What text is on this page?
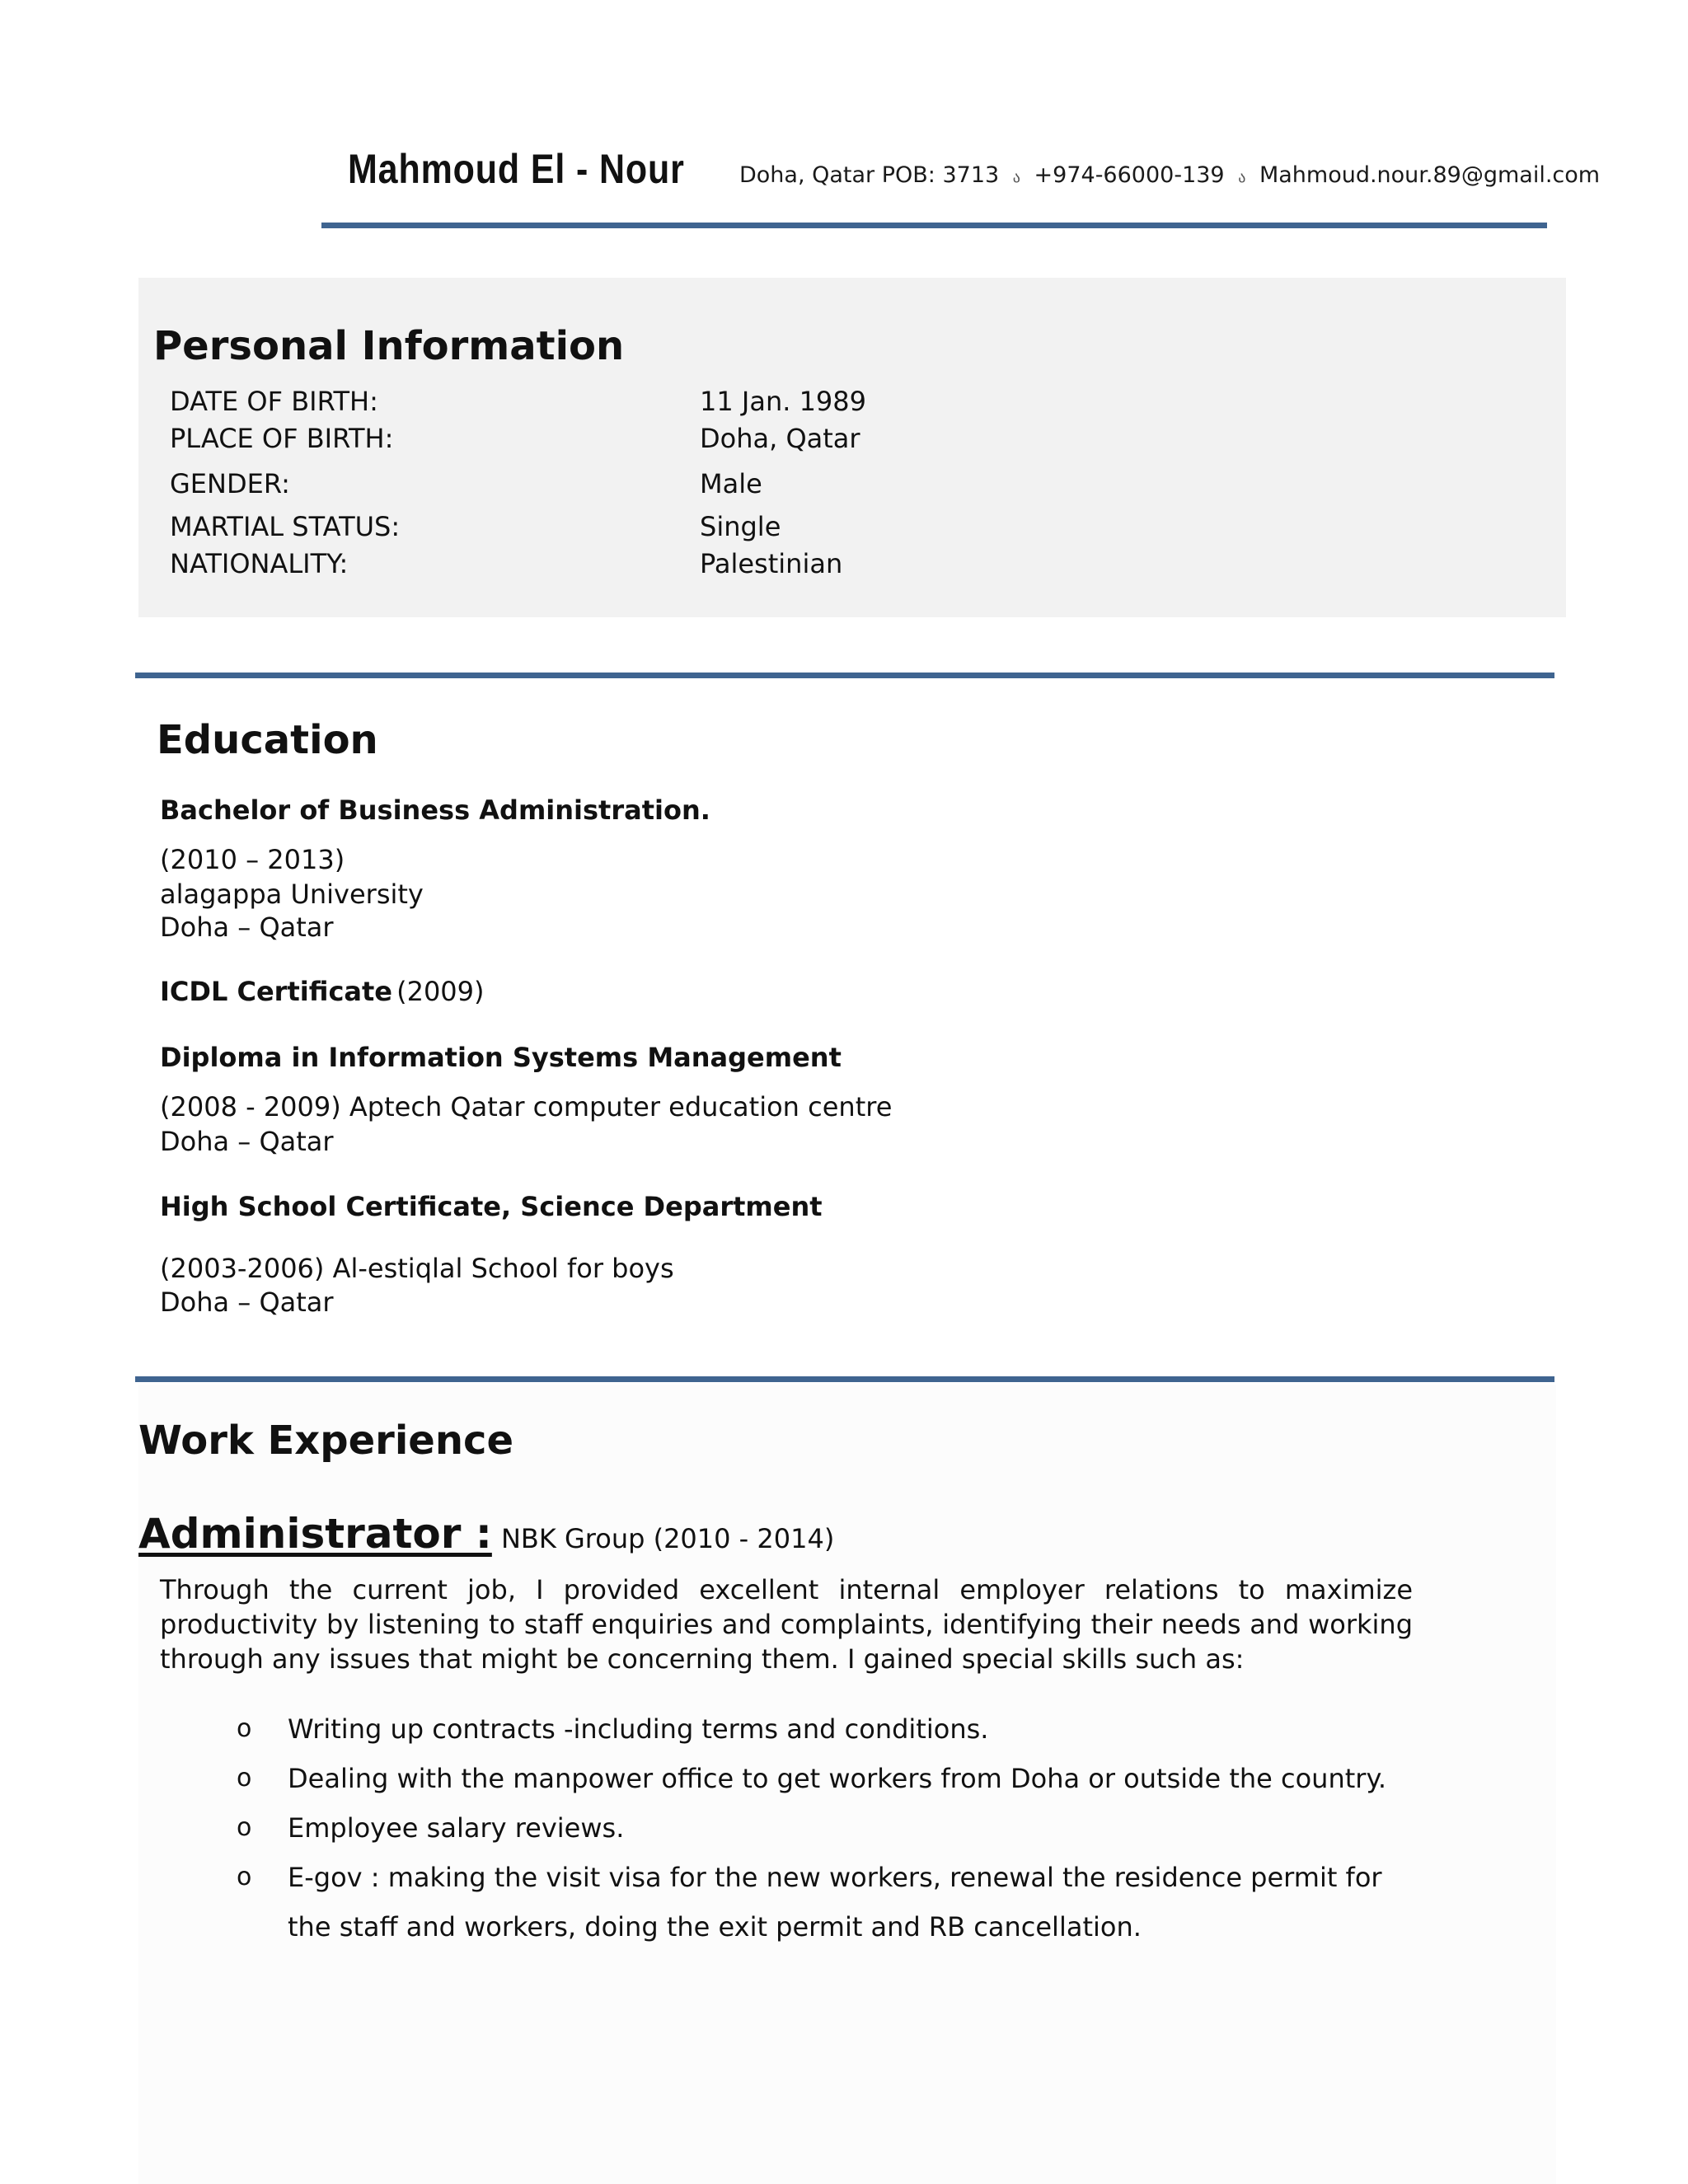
Mahmoud El - Nour Doha, Qatar POB: 3713 ა +974-66000-139 ა Mahmoud.nour.89@gmail.com
Personal Information
DATE OF BIRTH:	11 Jan. 1989
PLACE OF BIRTH:	Doha, Qatar
GENDER:	Male
MARTIAL STATUS:	Single
NATIONALITY:	Palestinian
Education
Bachelor of Business Administration.
(2010 – 2013)
alagappa University
Doha – Qatar
ICDL Certificate (2009)
Diploma in Information Systems Management
(2008 - 2009) Aptech Qatar computer education centre
Doha – Qatar
High School Certificate, Science Department
(2003-2006) Al-estiqlal School for boys
Doha – Qatar
Work Experience
Administrator : NBK Group (2010 - 2014)
Through the current job, I provided excellent internal employer relations to maximize productivity by listening to staff enquiries and complaints, identifying their needs and working through any issues that might be concerning them. I gained special skills such as:
o Writing up contracts -including terms and conditions.
o Dealing with the manpower office to get workers from Doha or outside the country.
o Employee salary reviews.
o E-gov : making the visit visa for the new workers, renewal the residence permit for the staff and workers, doing the exit permit and RB cancellation.
